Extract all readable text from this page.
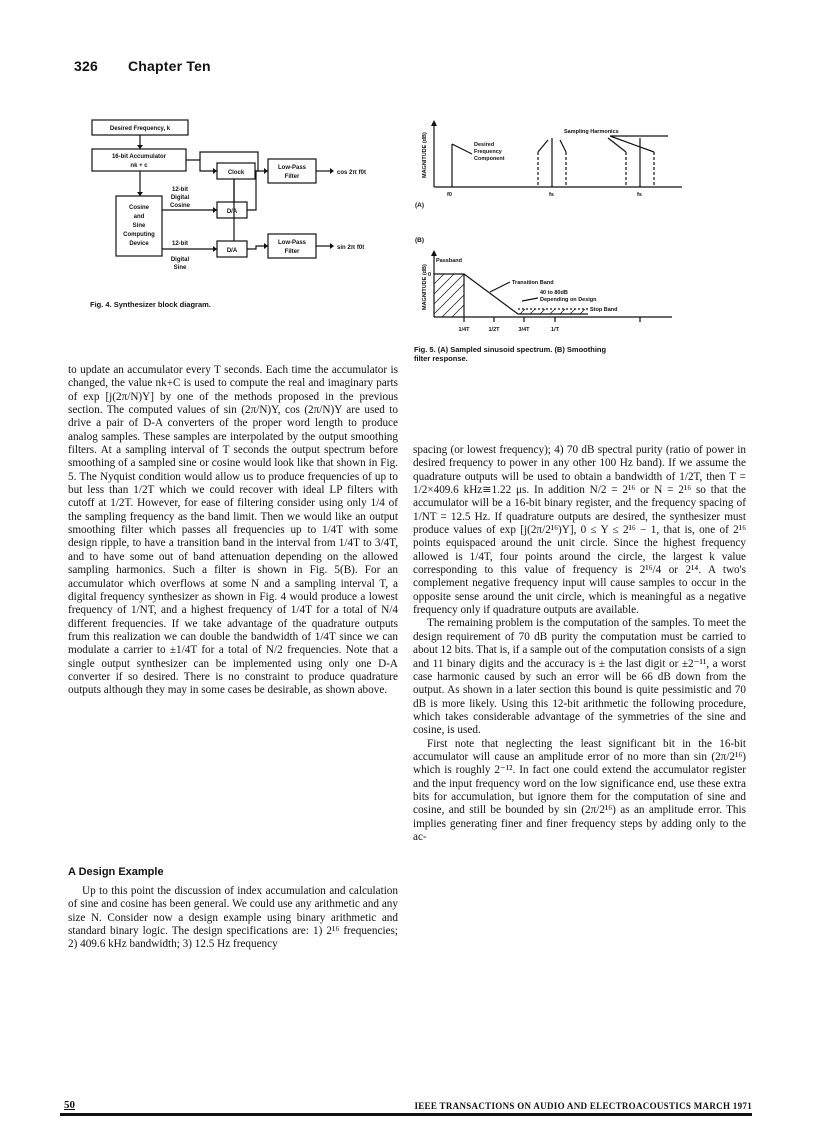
326 Chapter Ten
Desired Frequency, k
16-bit Accumulator
nk + c
Clock
Low-Pass
Filter
12-bit
Digital
Cosine
Cosine
and
Sine
Computing
Device	12-bit
Digital
Sine
D/A
D/A
Low-Pass
Filter
cos 2π f0t
sin 2π f0t
Fig. 4. Synthesizer block diagram.
MAGNITUDE (dB)
MAGNITUDE (dB)
Sampling Harmonics
Desired
Frequency
Component
f0	fs	fs
(A)
(B)
Passband
0
Transition Band
40 to 80dB
Depending on Design
Stop Band
1/4T	1/2T	3/4T	1/T
Fig. 5. (A) Sampled sinusoid spectrum. (B) Smoothing
filter response.

to update an accumulator every T seconds. Each time the accumulator is changed, the value nk+C is used to compute the real and imaginary parts of exp [j(2π/N)Y] by one of the methods proposed in the previous section. The computed values of sin (2π/N)Y, cos (2π/N)Y are used to drive a pair of D-A converters of the proper word length to produce analog samples. These samples are interpolated by the output smoothing filters. At a sampling interval of T seconds the output spectrum before smoothing of a sampled sine or cosine would look like that shown in Fig. 5. The Nyquist condition would allow us to produce frequencies of up to but less than 1/2T which we could recover with ideal LP filters with cutoff at 1/2T. However, for ease of filtering consider using only 1/4 of the sampling frequency as the band limit. Then we would like an output smoothing filter which passes all frequencies up to 1/4T with some design ripple, to have a transition band in the interval from 1/4T to 3/4T, and to have some out of band attenuation depending on the allowed sampling harmonics. Such a filter is shown in Fig. 5(B). For an accumulator which overflows at some N and a sampling interval T, a digital frequency synthesizer as shown in Fig. 4 would produce a lowest frequency of 1/NT, and a highest frequency of 1/4T for a total of N/4 different frequencies. If we take advantage of the quadrature outputs frum this realization we can double the bandwidth of 1/4T since we can modulate a carrier to ±1/4T for a total of N/2 frequencies. Note that a single output synthesizer can be implemented using only one D-A converter if so desired. There is no constraint to produce quadrature outputs although they may in some cases be desirable, as shown above.

A Design Example

Up to this point the discussion of index accumulation and calculation of sine and cosine has been general. We could use any arithmetic and any size N. Consider now a design example using binary arithmetic and standard binary logic. The design specifications are: 1) 2¹⁶ frequencies; 2) 409.6 kHz bandwidth; 3) 12.5 Hz frequency

spacing (or lowest frequency); 4) 70 dB spectral purity (ratio of power in desired frequency to power in any other 100 Hz band). If we assume the quadrature outputs will be used to obtain a bandwidth of 1/2T, then T = 1/2×409.6 kHz≅1.22 μs. In addition N/2 = 2¹⁶ or N = 2¹⁶ so that the accumulator will be a 16-bit binary register, and the frequency spacing of 1/NT = 12.5 Hz. If quadrature outputs are desired, the synthesizer must produce values of exp [j(2π/2¹⁶)Y], 0 ≤ Y ≤ 2¹⁶ − 1, that is, one of 2¹⁶ points equispaced around the unit circle. Since the highest frequency allowed is 1/4T, four points around the circle, the largest k value corresponding to this value of frequency is 2¹⁶/4 or 2¹⁴. A two's complement negative frequency input will cause samples to occur in the opposite sense around the unit circle, which is meaningful as a negative frequency only if quadrature outputs are available.

The remaining problem is the computation of the samples. To meet the design requirement of 70 dB purity the computation must be carried to about 12 bits. That is, if a sample out of the computation consists of a sign and 11 binary digits and the accuracy is ± the last digit or ±2⁻¹¹, a worst case harmonic caused by such an error will be 66 dB down from the output. As shown in a later section this bound is quite pessimistic and 70 dB is more likely. Using this 12-bit arithmetic the following procedure, which takes considerable advantage of the symmetries of the sine and cosine, is used.

First note that neglecting the least significant bit in the 16-bit accumulator will cause an amplitude error of no more than sin (2π/2¹⁶) which is roughly 2⁻¹². In fact one could extend the accumulator register and the input frequency word on the low significance end, use these extra bits for accumulation, but ignore them for the computation of sine and cosine, and still be bounded by sin (2π/2¹⁶) as an amplitude error. This implies generating finer and finer frequency steps by adding only to the ac-

50	IEEE TRANSACTIONS ON AUDIO AND ELECTROACOUSTICS MARCH 1971
